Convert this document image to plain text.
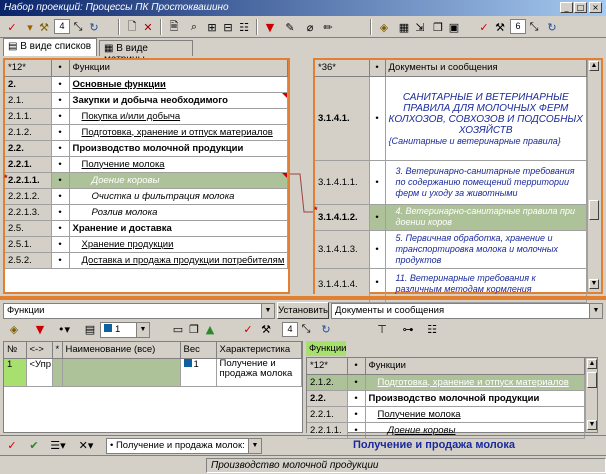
Набор проекций: Процессы ПК Простоквашино	_	□ ×
✓ ▾ ⚒	4 ⤡ ↻	🗋 ✕	🗎	⌕ ⊞ ⊟ ☷	▼	✎	⌀ ✏	◈ ▦ ⇲ ❐ ▣	✓ ⚒	6 ⤡ ↻
▤ В виде списков	▦ В виде
*12*	•	Функции
2.	•	Основные функции
2.1.	•	Закупки и добыча необходимого

2.1.1.	•	Покупка и/или добыча
2.1.2.	•	Подготовка, хранение и отпуск материалов
2.2.	•	Производство молочной продукции
2.2.1.	•	Получение молока

* 2.2.1.1.	•	Доение коровы

2.2.1.2.	•	Очистка и фильтрация молока
2.2.1.3.	•	Розлив молока
2.5.	•	Хранение и доставка
2.5.1.	•	Хранение продукции
2.5.2.	•	Доставка и продажа продукции потребителям
*36*	•	Документы и сообщения
3.1.4.1.	•	САНИТАРНЫЕ И ВЕТЕРИНАРНЫЕ ПРАВИЛА ДЛЯ МОЛОЧНЫХ ФЕРМ КОЛХОЗОВ, СОВХОЗОВ И ПОДСОБНЫХ ХОЗЯЙСТВ
{Санитарные и ветеринарные правила}

3.1.4.1.1.	•	3. Ветеринарно-санитарные требования по содержанию помещений территории ферм и уходу за животными

*
3.1.4.1.2.	•	4. Ветеринарно-санитарные правила при доении коров
3.1.4.1.3.	•	5. Первичная обработка, хранение и транспортировка молока и молочных продуктов
3.1.4.1.4.	•	11. Ветеринарные требования к различным методам кормления
▲
▼
Функции	▼ Установить Документы и сообщения	▼
◈	▼	•▾ ▤	1	▼ ▭ ❐ ▲	✓ ⚒	4 ⤡ ↻	⊤ ⊶ ☷
№	<->	*	Наименование (все)	Вес	Характеристика
1	<Упр			1	Получение и продажа молока
Функции
*12*	•	Функции
2.1.2.	•	Подготовка, хранение и отпуск материалов
2.2.	•	Производство молочной продукции
2.2.1.	•	Получение молока
2.2.1.1.	•	Доение коровы
▲
▼
✓	✔	☰▾ ✕▾	• Получение и продажа молок: ▼	Получение и продажа молока
Производство молочной продукции
